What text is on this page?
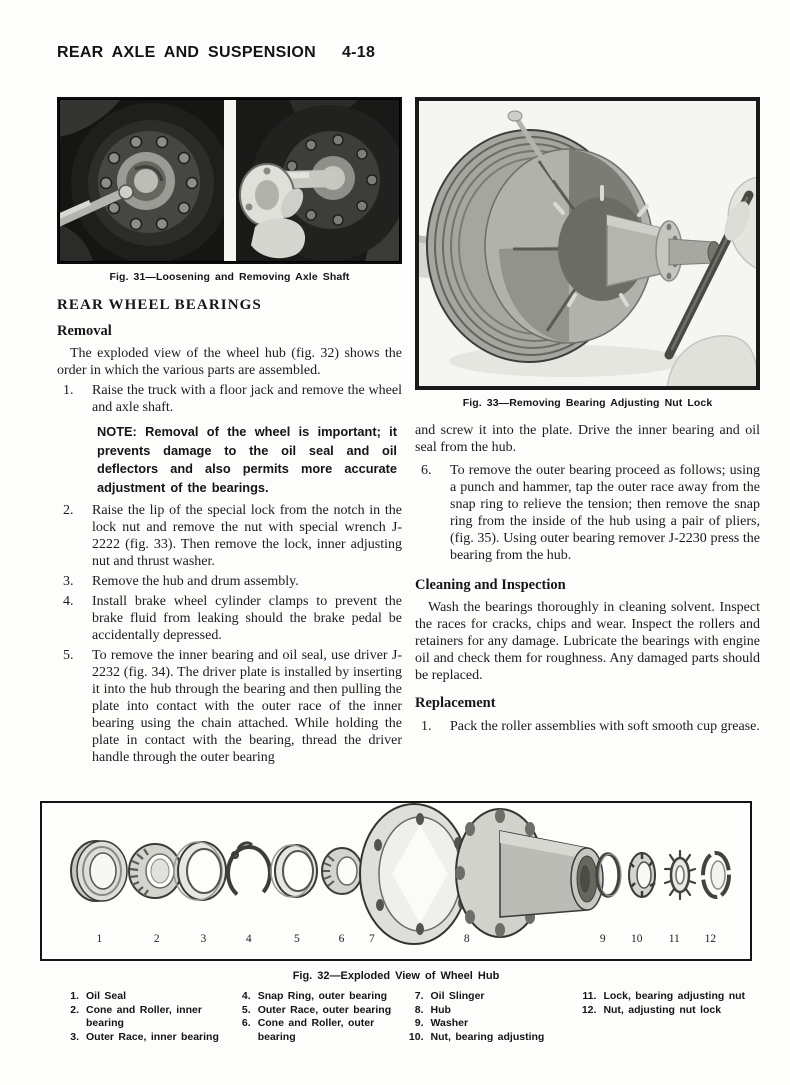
REAR AXLE AND SUSPENSION 4-18
Fig. 31—Loosening and Removing Axle Shaft
REAR WHEEL BEARINGS
Removal

The exploded view of the wheel hub (fig. 32) shows the order in which the various parts are assembled.

1.	Raise the truck with a floor jack and remove the wheel and axle shaft.
NOTE: Removal of the wheel is important; it prevents damage to the oil seal and oil deflectors and also permits more accurate adjustment of the bearings.
2.	Raise the lip of the special lock from the notch in the lock nut and remove the nut with special wrench J-2222 (fig. 33). Then remove the lock, inner adjusting nut and thrust washer.
3.	Remove the hub and drum assembly.
4.	Install brake wheel cylinder clamps to prevent the brake fluid from leaking should the brake pedal be accidentally depressed.
5.	To remove the inner bearing and oil seal, use driver J-2232 (fig. 34). The driver plate is installed by inserting it into the hub through the bearing and then pulling the plate into contact with the outer race of the inner bearing using the chain attached. While holding the plate in contact with the bearing, thread the driver handle through the outer bearing
Fig. 33—Removing Bearing Adjusting Nut Lock

and screw it into the plate. Drive the inner bearing and oil seal from the hub.

6.	To remove the outer bearing proceed as follows; using a punch and hammer, tap the outer race away from the snap ring to relieve the tension; then remove the snap ring from the inside of the hub using a pair of pliers, (fig. 35). Using outer bearing remover J-2230 press the bearing from the hub.
Cleaning and Inspection

Wash the bearings thoroughly in cleaning solvent. Inspect the races for cracks, chips and wear. Inspect the rollers and retainers for any damage. Lubricate the bearings with engine oil and check them for roughness. Any damaged parts should be replaced.

Replacement
1.	Pack the roller assemblies with soft smooth cup grease.
1	2	3	4	5	6 7	8	9 10 11 12
Fig. 32—Exploded View of Wheel Hub
1. Oil Seal
2. Cone and Roller, inner bearing
3. Outer Race, inner bearing
4. Snap Ring, outer bearing
5. Outer Race, outer bearing
6. Cone and Roller, outer bearing
7. Oil Slinger
8. Hub
9. Washer
10. Nut, bearing adjusting
11. Lock, bearing adjusting nut
12. Nut, adjusting nut lock
